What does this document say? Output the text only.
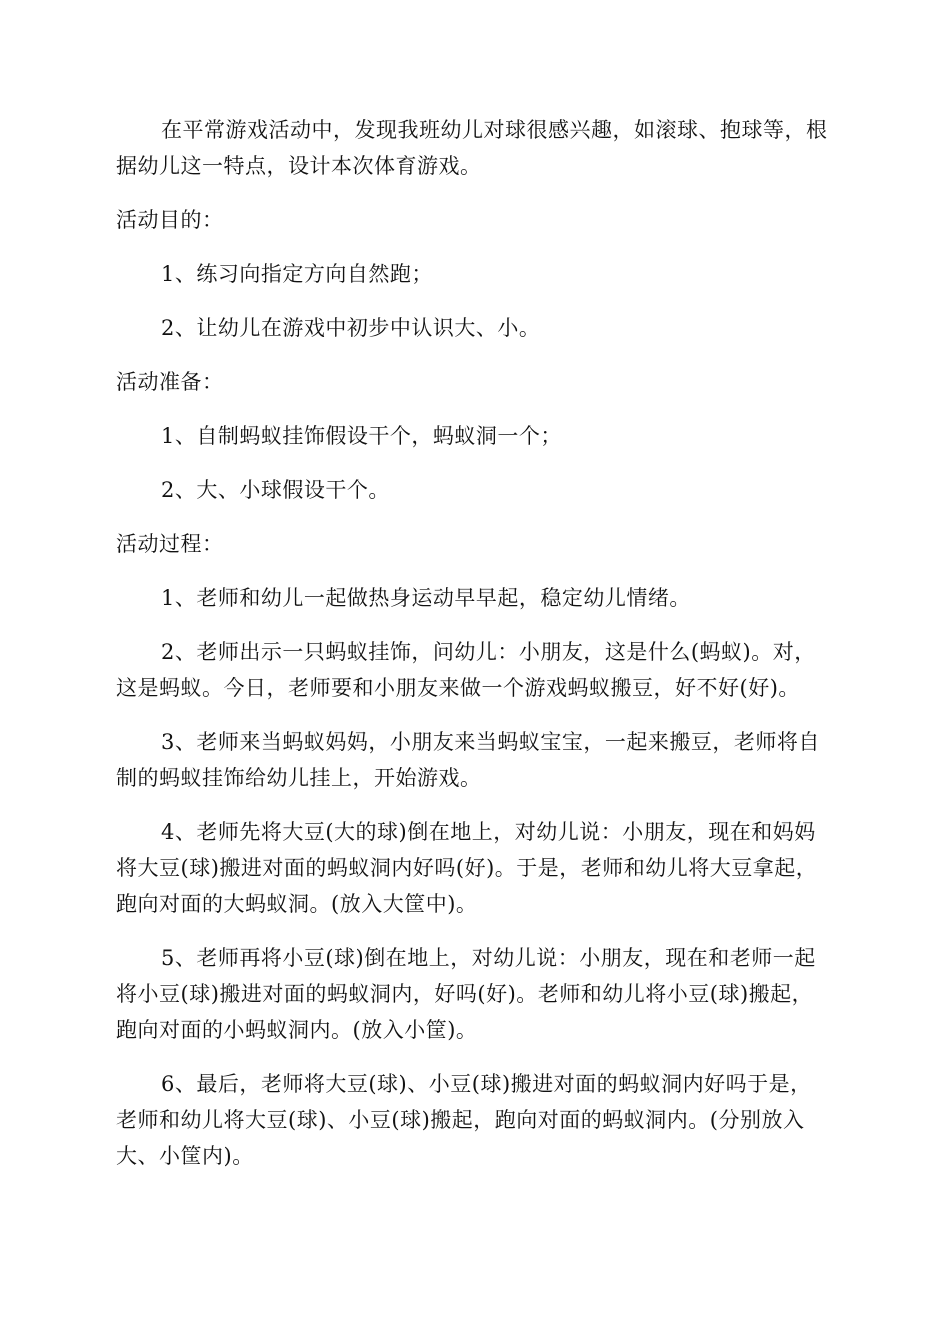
在平常游戏活动中，发现我班幼儿对球很感兴趣，如滚球、抱球等，根据幼儿这一特点，设计本次体育游戏。

活动目的：

1、练习向指定方向自然跑；

2、让幼儿在游戏中初步中认识大、小。

活动准备：

1、自制蚂蚁挂饰假设干个，蚂蚁洞一个；

2、大、小球假设干个。

活动过程：

1、老师和幼儿一起做热身运动早早起，稳定幼儿情绪。

2、老师出示一只蚂蚁挂饰，问幼儿：小朋友，这是什么(蚂蚁)。对，这是蚂蚁。今日，老师要和小朋友来做一个游戏蚂蚁搬豆，好不好(好)。

3、老师来当蚂蚁妈妈，小朋友来当蚂蚁宝宝，一起来搬豆，老师将自制的蚂蚁挂饰给幼儿挂上，开始游戏。

4、老师先将大豆(大的球)倒在地上，对幼儿说：小朋友，现在和妈妈将大豆(球)搬进对面的蚂蚁洞内好吗(好)。于是，老师和幼儿将大豆拿起，跑向对面的大蚂蚁洞。(放入大筐中)。

5、老师再将小豆(球)倒在地上，对幼儿说：小朋友，现在和老师一起将小豆(球)搬进对面的蚂蚁洞内，好吗(好)。老师和幼儿将小豆(球)搬起，跑向对面的小蚂蚁洞内。(放入小筐)。

6、最后，老师将大豆(球)、小豆(球)搬进对面的蚂蚁洞内好吗于是，老师和幼儿将大豆(球)、小豆(球)搬起，跑向对面的蚂蚁洞内。(分别放入大、小筐内)。
